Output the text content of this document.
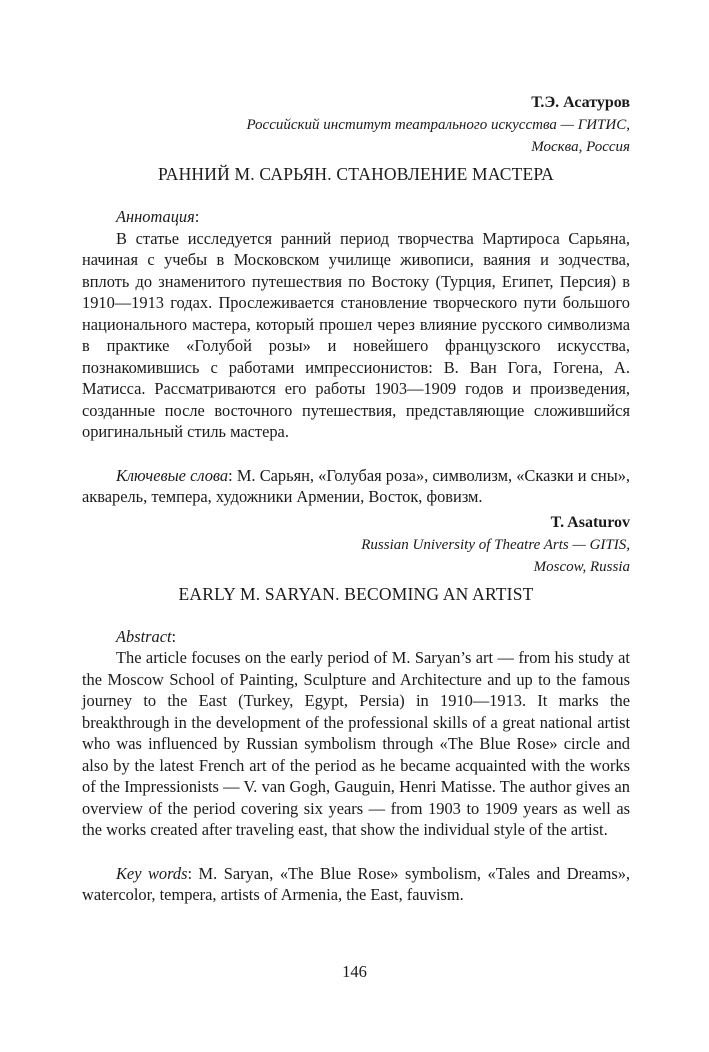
Т.Э. Асатуров
Российский институт театрального искусства — ГИТИС,
Москва, Россия
РАННИЙ М. САРЬЯН. СТАНОВЛЕНИЕ МАСТЕРА

Аннотация:

В статье исследуется ранний период творчества Мартироса Сарьяна, начиная с учебы в Московском училище живописи, ваяния и зодчества, вплоть до знаменитого путешествия по Востоку (Турция, Египет, Персия) в 1910—1913 годах. Прослеживается становление творческого пути большого национального мастера, который прошел через влияние русского символизма в практике «Голубой розы» и новейшего французского искусства, познакомившись с работами импрессионистов: В. Ван Гога, Гогена, А. Матисса. Рассматриваются его работы 1903—1909 годов и произведения, созданные после восточного путешествия, представляющие сложившийся оригинальный стиль мастера.

Ключевые слова: М. Сарьян, «Голубая роза», символизм, «Сказки и сны», акварель, темпера, художники Армении, Восток, фовизм.

T. Asaturov
Russian University of Theatre Arts — GITIS,
Moscow, Russia
EARLY M. SARYAN. BECOMING AN ARTIST

Abstract:

The article focuses on the early period of M. Saryan’s art — from his study at the Moscow School of Painting, Sculpture and Architecture and up to the famous journey to the East (Turkey, Egypt, Persia) in 1910—1913. It marks the breakthrough in the development of the professional skills of a great national artist who was influenced by Russian symbolism through «The Blue Rose» circle and also by the latest French art of the period as he became acquainted with the works of the Impressionists — V. van Gogh, Gauguin, Henri Matisse. The author gives an overview of the period covering six years — from 1903 to 1909 years as well as the works created after traveling east, that show the individual style of the artist.

Key words: M. Saryan, «The Blue Rose» symbolism, «Tales and Dreams», watercolor, tempera, artists of Armenia, the East, fauvism.

146
